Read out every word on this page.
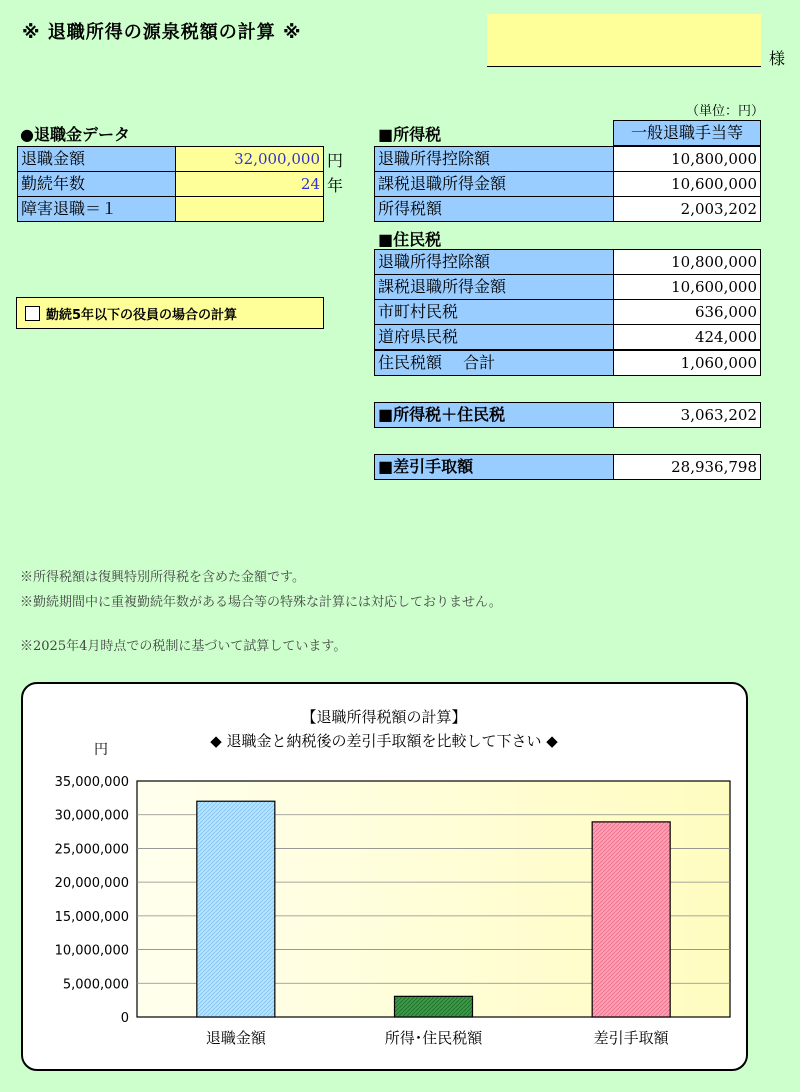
※ 退職所得の源泉税額の計算 ※
様
（単位：円）
●退職金データ
退職金額	32,000,000 円
勤続年数	24 年
障害退職＝１
勤続5年以下の役員の場合の計算
■所得税	一般退職手当等
退職所得控除額	10,800,000
課税退職所得金額	10,600,000
所得税額	2,003,202
■住民税
退職所得控除額	10,800,000
課税退職所得金額	10,600,000
市町村民税	636,000
道府県民税	424,000
住民税額　 合計	1,060,000
■所得税＋住民税	3,063,202
■差引手取額	28,936,798
※所得税額は復興特別所得税を含めた金額です。
※勤続期間中に重複勤続年数がある場合等の特殊な計算には対応しておりません。
※2025年4月時点での税制に基づいて試算しています。
【退職所得税額の計算】
◆ 退職金と納税後の差引手取額を比較して下さい ◆
円
0
5,000,000
10,000,000
15,000,000
20,000,000
25,000,000
30,000,000
35,000,000
退職金額	所得･住民税額	差引手取額
